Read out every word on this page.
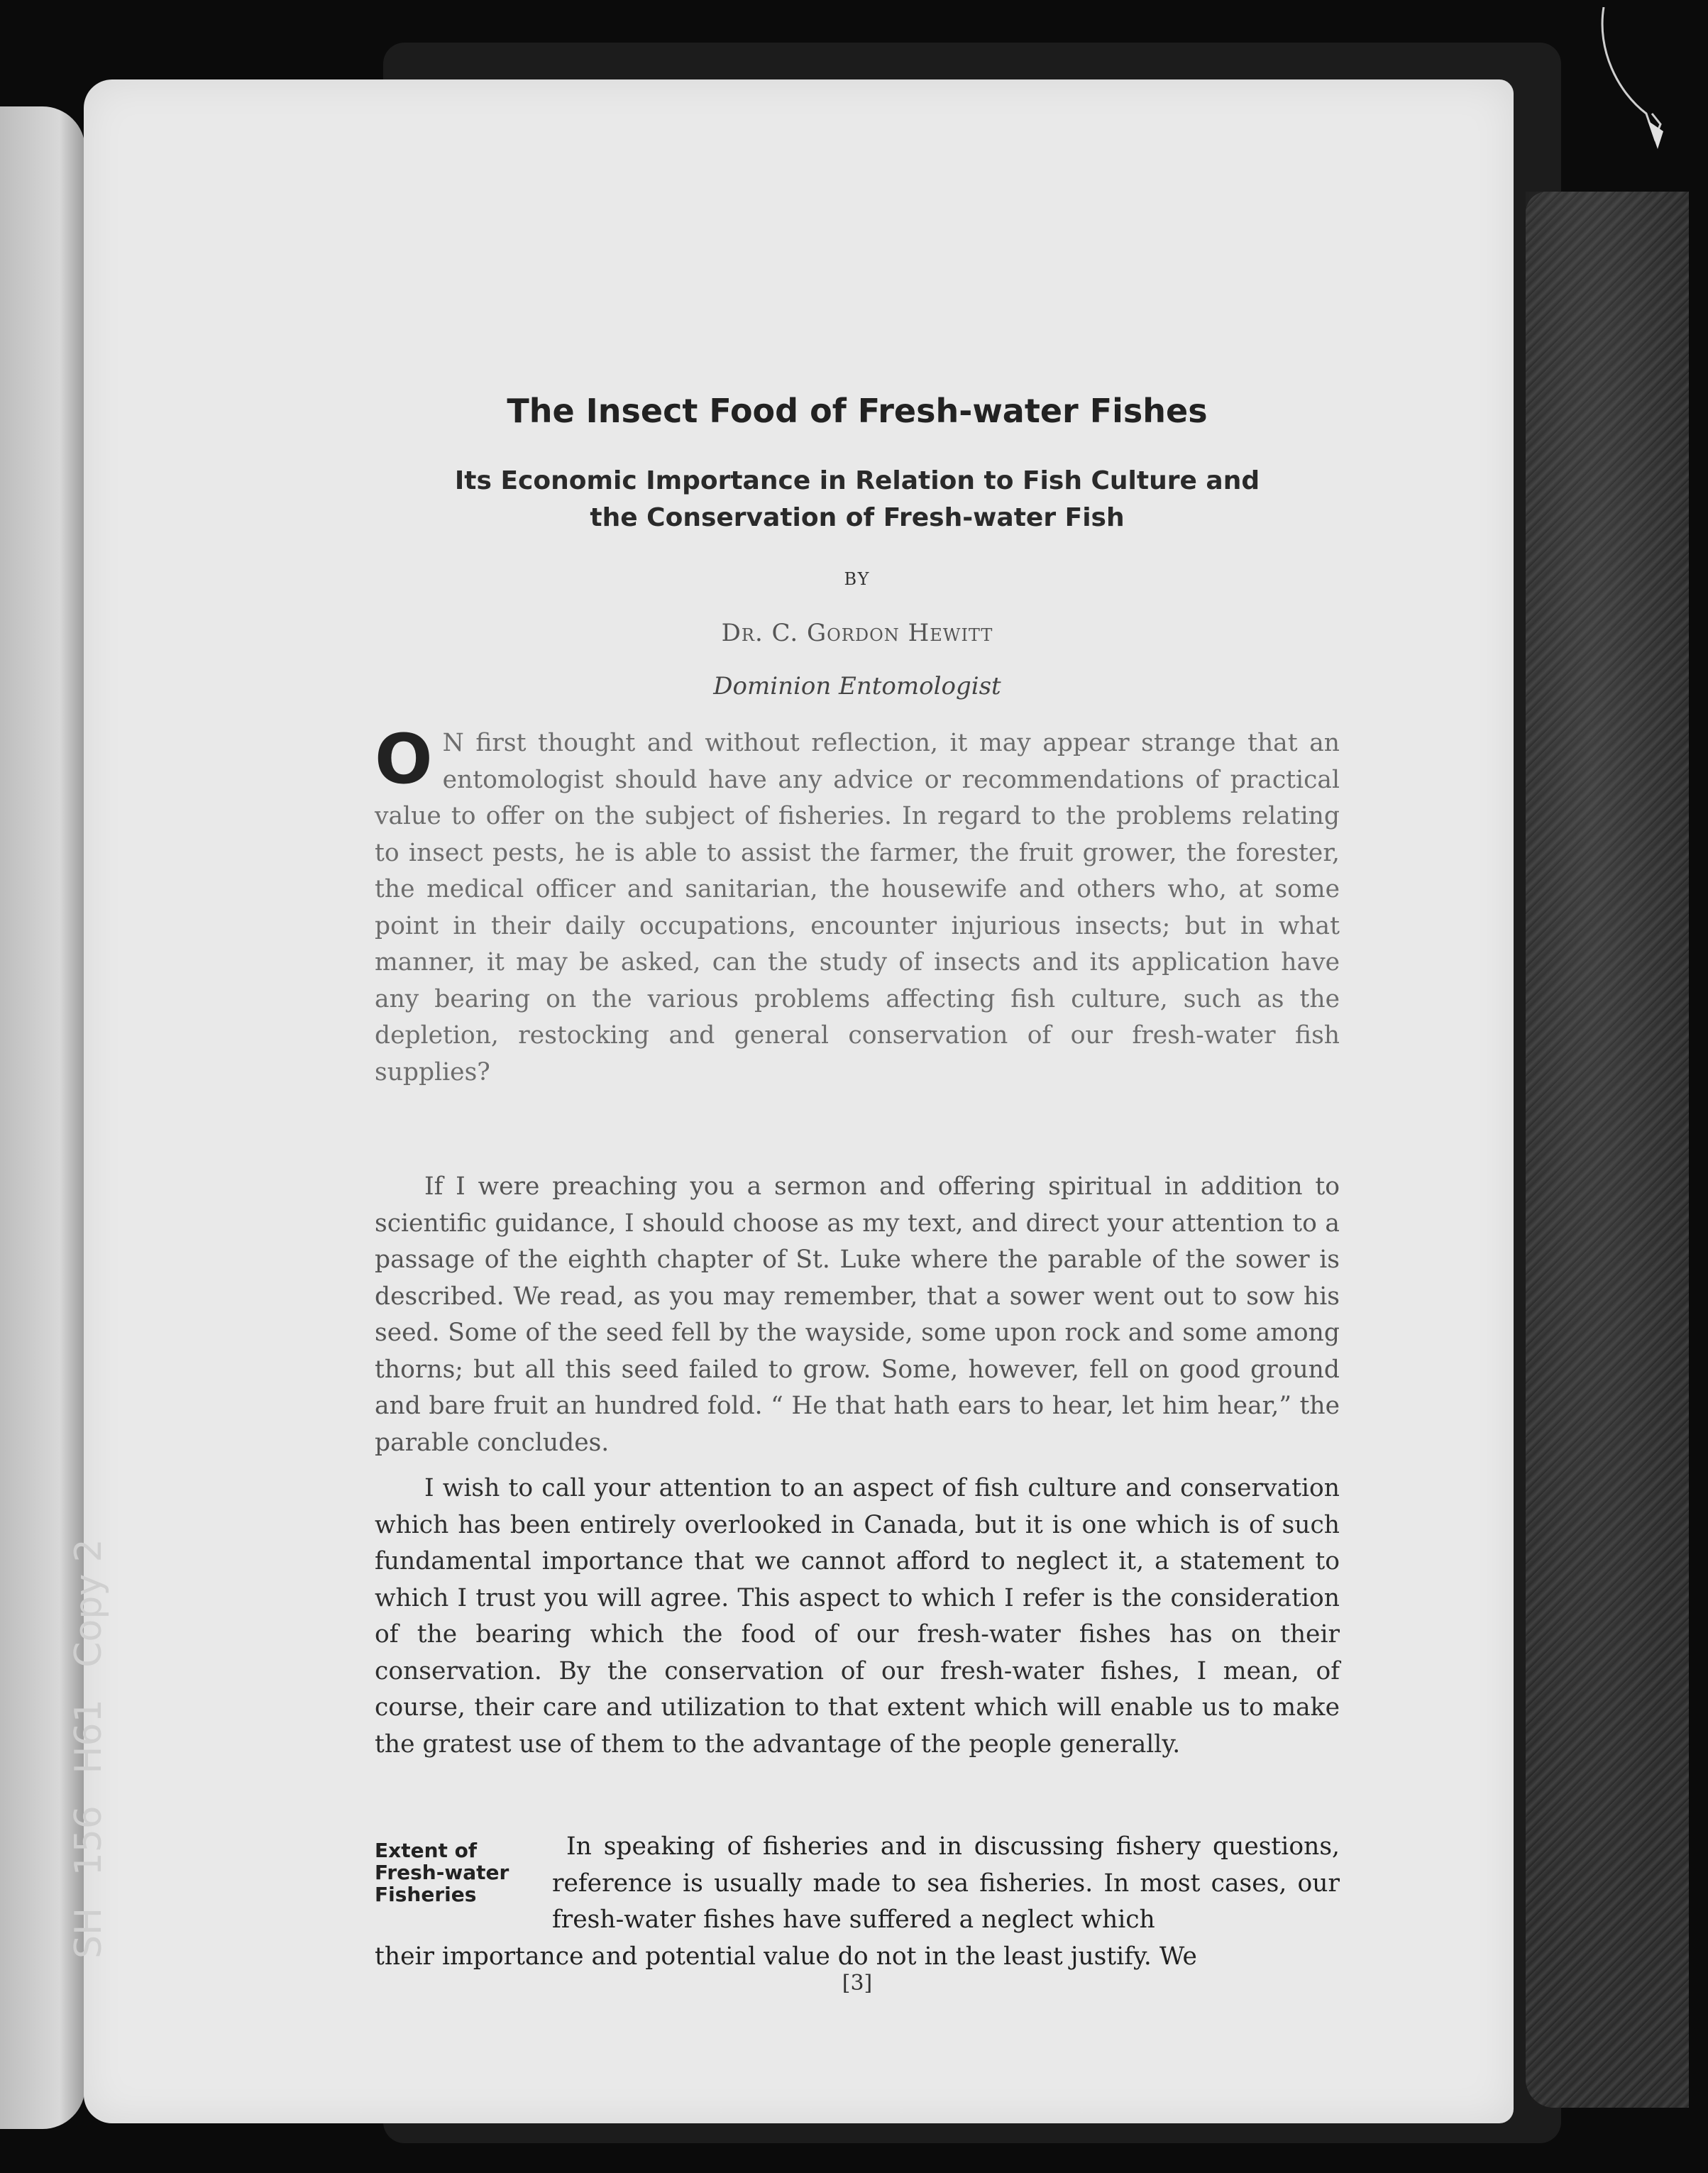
The Insect Food of Fresh-water Fishes
Its Economic Importance in Relation to Fish Culture and
the Conservation of Fresh-water Fish
BY
Dr. C. Gordon Hewitt
Dominion Entomologist
O N first thought and without reflection, it may appear strange that an entomologist should have any advice or recommendations of practical value to offer on the subject of fisheries. In regard to the problems relating to insect pests, he is able to assist the farmer, the fruit grower, the forester, the medical officer and sanitarian, the housewife and others who, at some point in their daily occupations, encounter injurious insects; but in what manner, it may be asked, can the study of insects and its application have any bearing on the various problems affecting fish culture, such as the depletion, restocking and general conservation of our fresh-water fish supplies?
If I were preaching you a sermon and offering spiritual in addition to scientific guidance, I should choose as my text, and direct your attention to a passage of the eighth chapter of St. Luke where the parable of the sower is described. We read, as you may remember, that a sower went out to sow his seed. Some of the seed fell by the wayside, some upon rock and some among thorns; but all this seed failed to grow. Some, however, fell on good ground and bare fruit an hundred fold. “ He that hath ears to hear, let him hear,” the parable concludes.
I wish to call your attention to an aspect of fish culture and conservation which has been entirely overlooked in Canada, but it is one which is of such fundamental importance that we cannot afford to neglect it, a statement to which I trust you will agree. This aspect to which I refer is the consideration of the bearing which the food of our fresh-water fishes has on their conservation. By the conservation of our fresh-water fishes, I mean, of course, their care and utilization to that extent which will enable us to make the gratest use of them to the advantage of the people generally.
Extent of
Fresh-water
Fisheries
In speaking of fisheries and in discussing fishery questions, reference is usually made to sea fisheries. In most cases, our fresh-water fishes have suffered a neglect which
their importance and potential value do not in the least justify. We
[3]
SH 156 H61 Copy 2
